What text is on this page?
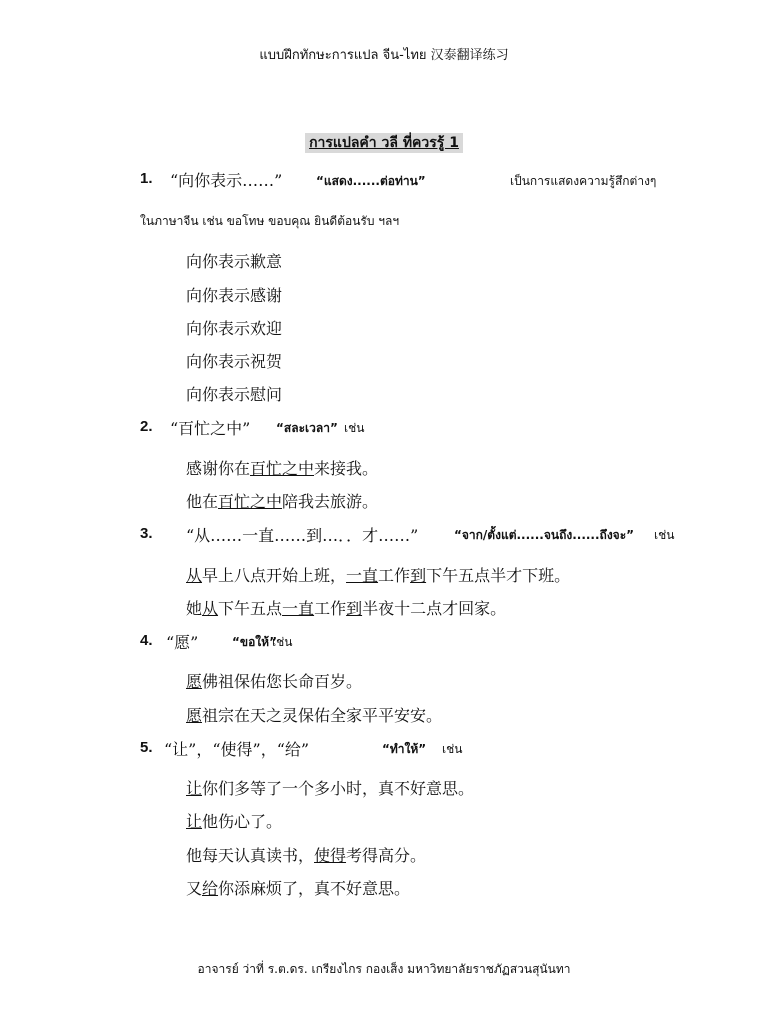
แบบฝึกทักษะการแปล จีน-ไทย 汉泰翻译练习
การแปลคำ วลี ที่ควรรู้ 1
1. “向你表示……”	“แสดง......ต่อท่าน”	เป็นการแสดงความรู้สึกต่างๆ
ในภาษาจีน เช่น ขอโทษ ขอบคุณ ยินดีต้อนรับ ฯลฯ
向你表示歉意
向你表示感谢
向你表示欢迎
向你表示祝贺
向你表示慰问
2. “百忙之中” “สละเวลา” เช่น
感谢你在百忙之中来接我。
他在百忙之中陪我去旅游。
3. “从……一直……到…．．才……”	“จาก/ตั้งแต่......จนถึง......ถึงจะ” เช่น
从早上八点开始上班，一直工作到下午五点半才下班。
她从下午五点一直工作到半夜十二点才回家。
4. “愿”	“ขอให้”
เช่น
愿佛祖保佑您长命百岁。
愿祖宗在天之灵保佑全家平平安安。
5. “让”，“使得”，“给”	“ทำให้” เช่น
让你们多等了一个多小时，真不好意思。
让他伤心了。
他每天认真读书，使得考得高分。
又给你添麻烦了，真不好意思。
อาจารย์ ว่าที่ ร.ต.ดร. เกรียงไกร กองเส็ง มหาวิทยาลัยราชภัฏสวนสุนันทา
